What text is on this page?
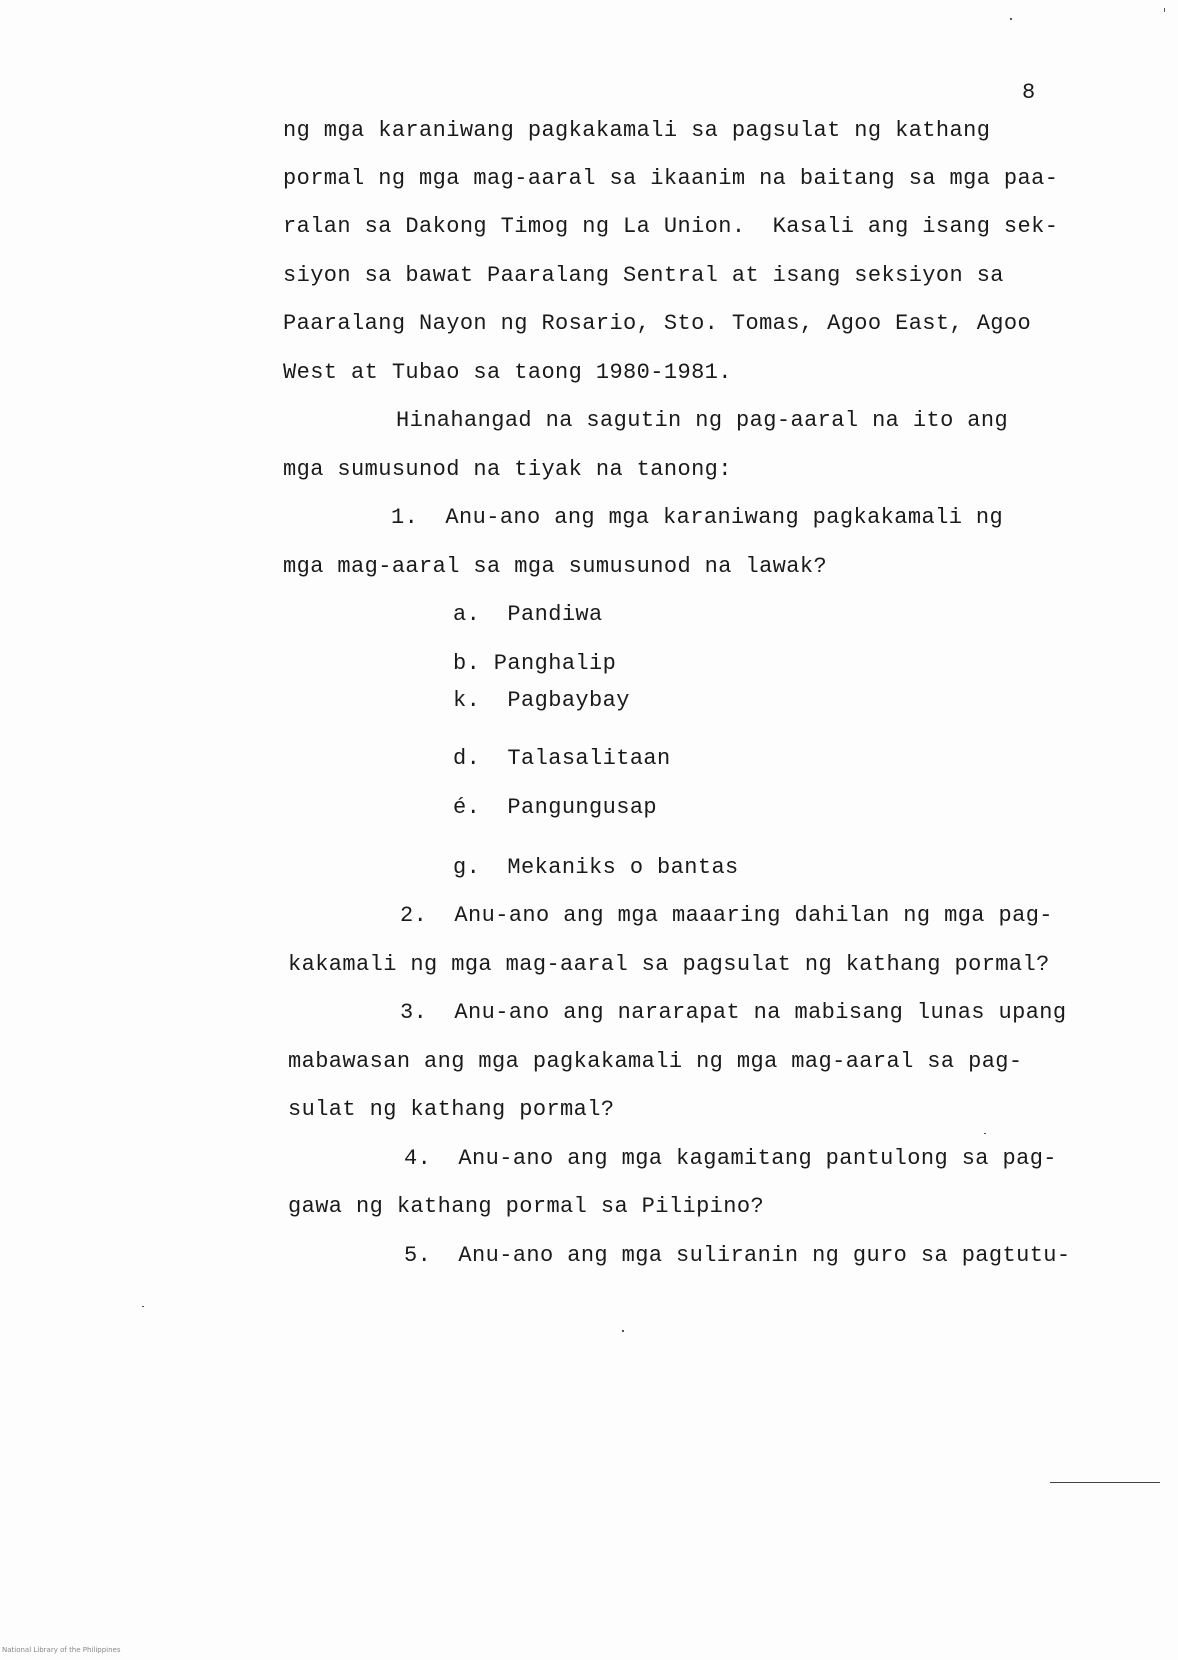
8
ng mga karaniwang pagkakamali sa pagsulat ng kathang
pormal ng mga mag-aaral sa ikaanim na baitang sa mga paa-
ralan sa Dakong Timog ng La Union.  Kasali ang isang sek-
siyon sa bawat Paaralang Sentral at isang seksiyon sa
Paaralang Nayon ng Rosario, Sto. Tomas, Agoo East, Agoo
West at Tubao sa taong 1980-1981.
Hinahangad na sagutin ng pag-aaral na ito ang
mga sumusunod na tiyak na tanong:
1.  Anu-ano ang mga karaniwang pagkakamali ng
mga mag-aaral sa mga sumusunod na lawak?
a.  Pandiwa
b. Panghalip
k.  Pagbaybay
d.  Talasalitaan
é.  Pangungusap
g.  Mekaniks o bantas
2.  Anu-ano ang mga maaaring dahilan ng mga pag-
kakamali ng mga mag-aaral sa pagsulat ng kathang pormal?
3.  Anu-ano ang nararapat na mabisang lunas upang
mabawasan ang mga pagkakamali ng mga mag-aaral sa pag-
sulat ng kathang pormal?
4.  Anu-ano ang mga kagamitang pantulong sa pag-
gawa ng kathang pormal sa Pilipino?
5.  Anu-ano ang mga suliranin ng guro sa pagtutu-
National Library of the Philippines
